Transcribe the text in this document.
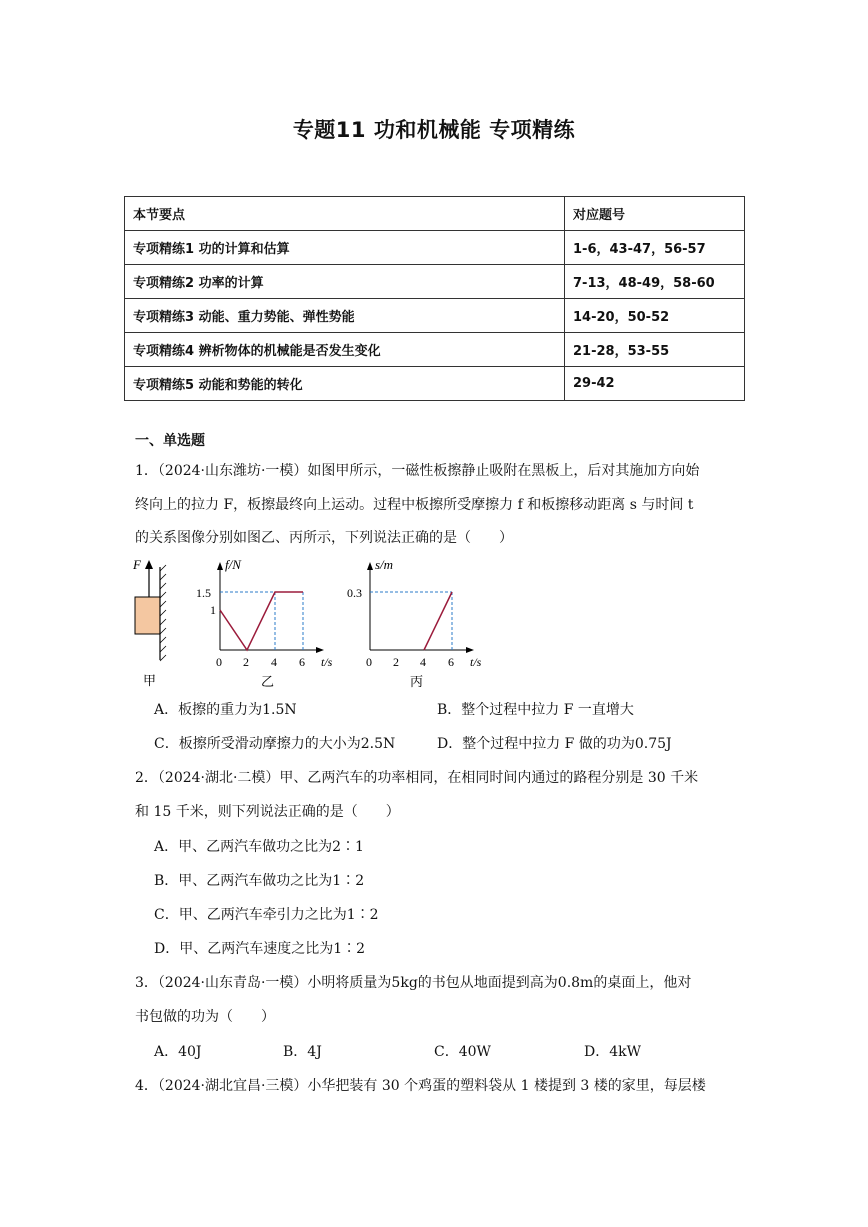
专题11 功和机械能 专项精练
本节要点	对应题号
专项精练1 功的计算和估算	1-6，43-47，56-57
专项精练2 功率的计算	7-13，48-49，58-60
专项精练3 动能、重力势能、弹性势能	14-20，50-52
专项精练4 辨析物体的机械能是否发生变化	21-28，53-55
专项精练5 动能和势能的转化	29-42
一、单选题
1．（2024·山东潍坊·一模）如图甲所示，一磁性板擦静止吸附在黑板上，后对其施加方向始
终向上的拉力 F，板擦最终向上运动。过程中板擦所受摩擦力 f 和板擦移动距离 s 与时间 t
的关系图像分别如图乙、丙所示，下列说法正确的是（　　）
F
甲
f/N
1.5
1
0 2 4 6 t/s
乙
s/m
0.3
0 2 4 6 t/s
丙
A．板擦的重力为1.5N	B．整个过程中拉力 F 一直增大
C．板擦所受滑动摩擦力的大小为2.5N	D．整个过程中拉力 F 做的功为0.75J
2．（2024·湖北·二模）甲、乙两汽车的功率相同，在相同时间内通过的路程分别是 30 千米
和 15 千米，则下列说法正确的是（　　）
A．甲、乙两汽车做功之比为2∶1
B．甲、乙两汽车做功之比为1∶2
C．甲、乙两汽车牵引力之比为1∶2
D．甲、乙两汽车速度之比为1∶2
3．（2024·山东青岛·一模）小明将质量为5kg的书包从地面提到高为0.8m的桌面上，他对
书包做的功为（　　）
A．40J	B．4J	C．40W	D．4kW
4．（2024·湖北宜昌·三模）小华把装有 30 个鸡蛋的塑料袋从 1 楼提到 3 楼的家里，每层楼
